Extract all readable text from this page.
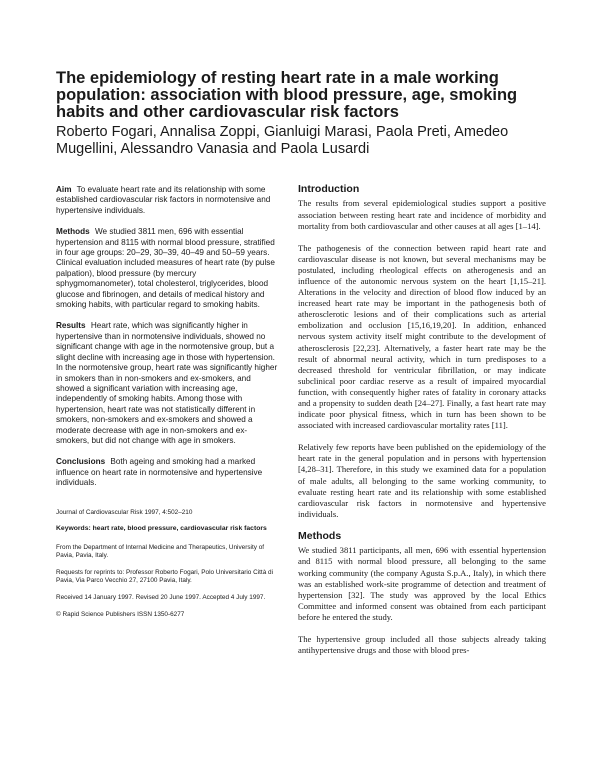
The epidemiology of resting heart rate in a male working population: association with blood pressure, age, smoking habits and other cardiovascular risk factors
Roberto Fogari, Annalisa Zoppi, Gianluigi Marasi, Paola Preti, Amedeo Mugellini, Alessandro Vanasia and Paola Lusardi

Aim To evaluate heart rate and its relationship with some established cardiovascular risk factors in normotensive and hypertensive individuals.

Methods We studied 3811 men, 696 with essential hypertension and 8115 with normal blood pressure, stratified in four age groups: 20–29, 30–39, 40–49 and 50–59 years. Clinical evaluation included measures of heart rate (by pulse palpation), blood pressure (by mercury sphygmomanometer), total cholesterol, triglycerides, blood glucose and fibrinogen, and details of medical history and smoking habits, with particular regard to smoking habits.

Results Heart rate, which was significantly higher in hypertensive than in normotensive individuals, showed no significant change with age in the normotensive group, but a slight decline with increasing age in those with hypertension. In the normotensive group, heart rate was significantly higher in smokers than in non-smokers and ex-smokers, and showed a significant variation with increasing age, independently of smoking habits. Among those with hypertension, heart rate was not statistically different in smokers, non-smokers and ex-smokers and showed a moderate decrease with age in non-smokers and ex-smokers, but did not change with age in smokers.

Conclusions Both ageing and smoking had a marked influence on heart rate in normotensive and hypertensive individuals.

Journal of Cardiovascular Risk 1997, 4:502–210

Keywords: heart rate, blood pressure, cardiovascular risk factors

From the Department of Internal Medicine and Therapeutics, University of Pavia, Pavia, Italy.

Requests for reprints to: Professor Roberto Fogari, Polo Universitario Città di Pavia, Via Parco Vecchio 27, 27100 Pavia, Italy.

Received 14 January 1997. Revised 20 June 1997. Accepted 4 July 1997.

© Rapid Science Publishers ISSN 1350-6277

Introduction

The results from several epidemiological studies support a positive association between resting heart rate and incidence of morbidity and mortality from both cardiovascular and other causes at all ages [1–14].

The pathogenesis of the connection between rapid heart rate and cardiovascular disease is not known, but several mechanisms may be postulated, including rheological effects on atherogenesis and an influence of the autonomic nervous system on the heart [1,15–21]. Alterations in the velocity and direction of blood flow induced by an increased heart rate may be important in the pathogenesis both of atherosclerotic lesions and of their complications such as arterial embolization and occlusion [15,16,19,20]. In addition, enhanced nervous system activity itself might contribute to the development of atherosclerosis [22,23]. Alternatively, a faster heart rate may be the result of abnormal neural activity, which in turn predisposes to a decreased threshold for ventricular fibrillation, or may indicate subclinical poor cardiac reserve as a result of impaired myocardial function, with consequently higher rates of fatality in coronary attacks and a propensity to sudden death [24–27]. Finally, a fast heart rate may indicate poor physical fitness, which in turn has been shown to be associated with increased cardiovascular mortality rates [11].

Relatively few reports have been published on the epidemiology of the heart rate in the general population and in persons with hypertension [4,28–31]. Therefore, in this study we examined data for a population of male adults, all belonging to the same working community, to evaluate resting heart rate and its relationship with some established cardiovascular risk factors in normotensive and hypertensive individuals.

Methods

We studied 3811 participants, all men, 696 with essential hypertension and 8115 with normal blood pressure, all belonging to the same working community (the company Agusta S.p.A., Italy), in which there was an established work-site programme of detection and treatment of hypertension [32]. The study was approved by the local Ethics Committee and informed consent was obtained from each participant before he entered the study.

The hypertensive group included all those subjects already taking antihypertensive drugs and those with blood pres-
